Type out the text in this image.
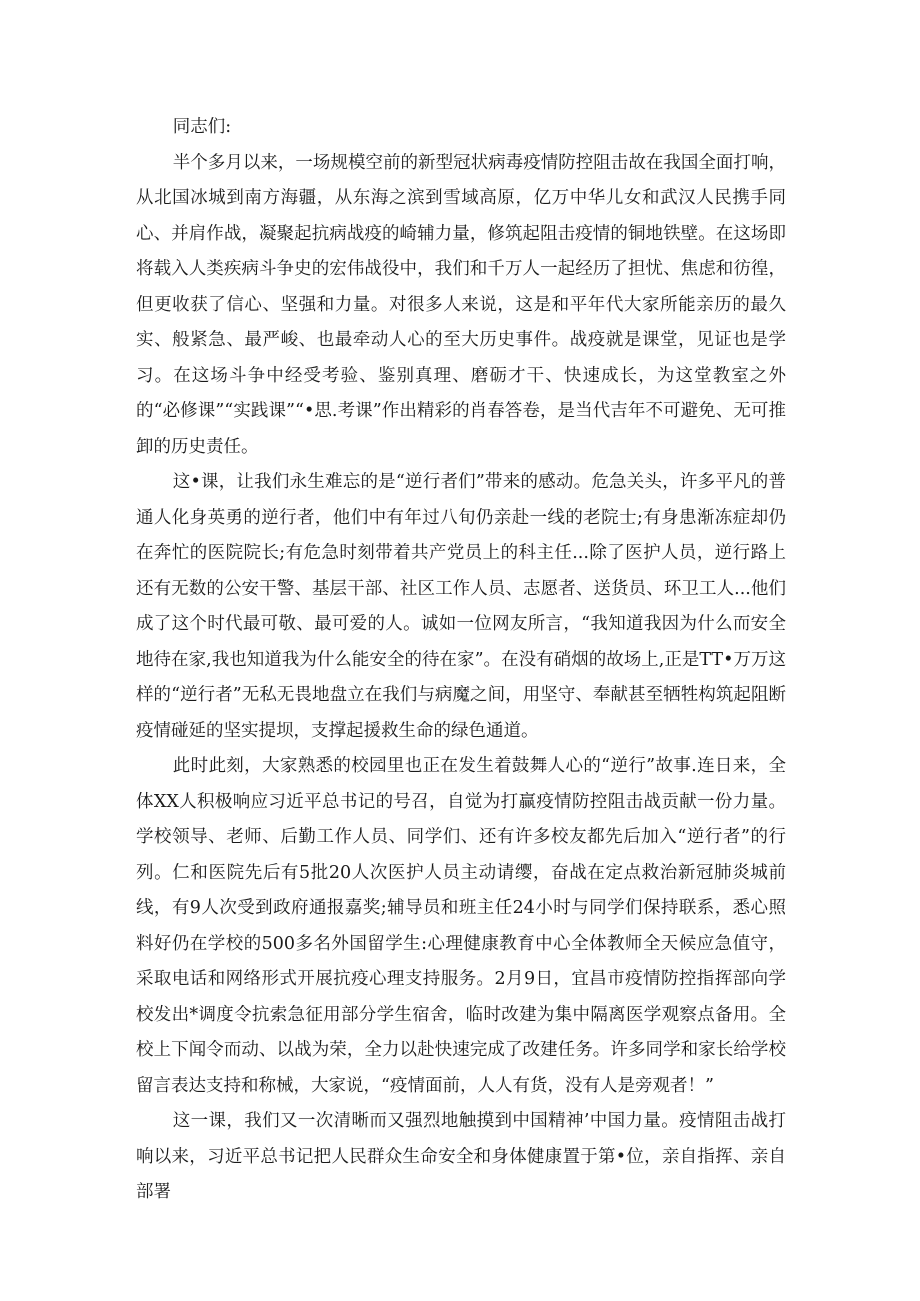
同志们:

半个多月以来，一场规模空前的新型冠状病毒疫情防控阻击故在我国全面打响，从北国冰城到南方海疆，从东海之滨到雪域高原，亿万中华儿女和武汉人民携手同心、并肩作战，凝聚起抗病战疫的崎辅力量，修筑起阻击疫情的铜地铁壁。在这场即将载入人类疾病斗争史的宏伟战役中，我们和千万人一起经历了担忧、焦虑和彷徨，但更收获了信心、坚强和力量。对很多人来说，这是和平年代大家所能亲历的最久实、般紧急、最严峻、也最牵动人心的至大历史事件。战疫就是课堂，见证也是学习。在这场斗争中经受考验、鉴别真理、磨砺才干、快速成长，为这堂教室之外的“必修课”“实践课”“•思.考课”作出精彩的肖春答卷，是当代吉年不可避免、无可推卸的历史责任。

这•课，让我们永生难忘的是“逆行者们”带来的感动。危急关头，许多平凡的普通人化身英勇的逆行者，他们中有年过八旬仍亲赴一线的老院士;有身患渐冻症却仍在奔忙的医院院长;有危急时刻带着共产党员上的科主任...除了医护人员，逆行路上还有无数的公安干警、基层干部、社区工作人员、志愿者、送货员、环卫工人...他们成了这个时代最可敬、最可爱的人。诚如一位网友所言，“我知道我因为什么而安全地待在家,我也知道我为什么能安全的待在家”。在没有硝烟的故场上,正是TT•万万这样的“逆行者”无私无畏地盘立在我们与病魔之间，用坚守、奉献甚至牺牲构筑起阻断疫情碰延的坚实提坝，支撑起援救生命的绿色通道。

此时此刻，大家熟悉的校园里也正在发生着鼓舞人心的“逆行”故事.连日来，全体XX人积极响应习近平总书记的号召，自觉为打赢疫情防控阻击战贡献一份力量。学校领导、老师、后勤工作人员、同学们、还有许多校友都先后加入“逆行者”的行列。仁和医院先后有5批20人次医护人员主动请缨，奋战在定点救治新冠肺炎城前线，有9人次受到政府通报嘉奖;辅导员和班主任24小时与同学们保持联系，悉心照料好仍在学校的500多名外国留学生:心理健康教育中心全体教师全天候应急值守，采取电话和网络形式开展抗疫心理支持服务。2月9日，宜昌市疫情防控指挥部向学校发出*调度令抗索急征用部分学生宿舍，临时改建为集中隔离医学观察点备用。全校上下闻令而动、以战为荣，全力以赴快速完成了改建任务。许多同学和家长给学校留言表达支持和称械，大家说，“疫情面前，人人有货，没有人是旁观者！”

这一课，我们又一次清晰而又强烈地触摸到中国精神’中国力量。疫情阻击战打响以来，习近平总书记把人民群众生命安全和身体健康置于第•位，亲自指挥、亲自部署
